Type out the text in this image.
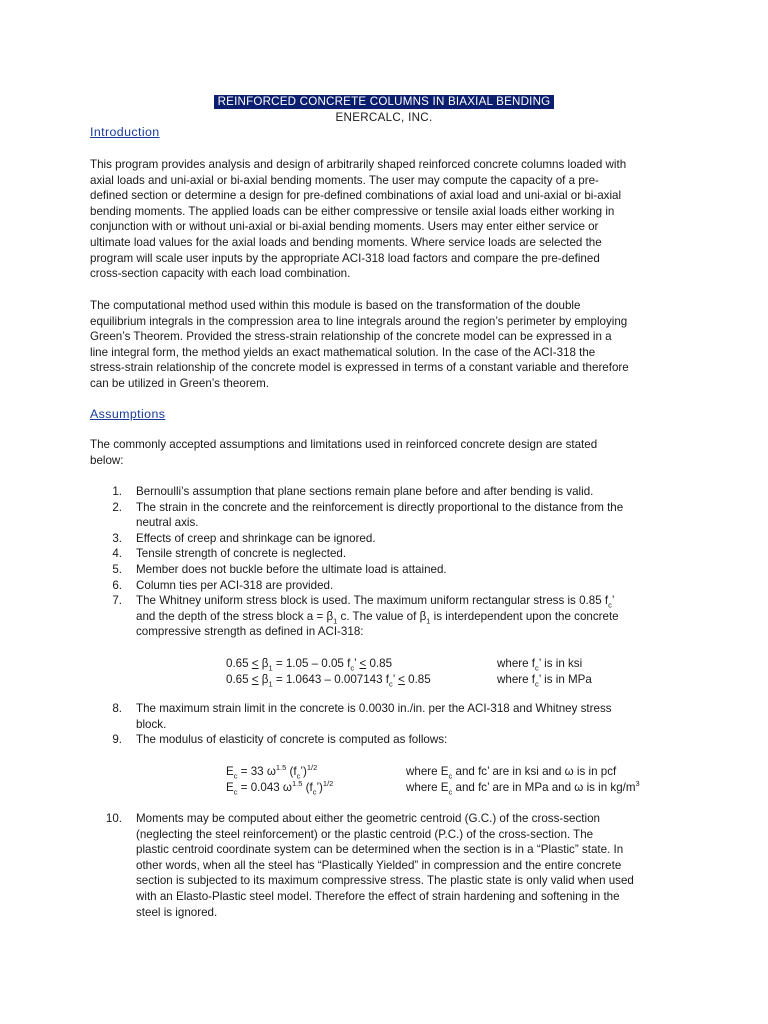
REINFORCED CONCRETE COLUMNS IN BIAXIAL BENDING
ENERCALC, INC.
Introduction

This program provides analysis and design of arbitrarily shaped reinforced concrete columns loaded with
axial loads and uni-axial or bi-axial bending moments. The user may compute the capacity of a pre-
defined section or determine a design for pre-defined combinations of axial load and uni-axial or bi-axial
bending moments. The applied loads can be either compressive or tensile axial loads either working in
conjunction with or without uni-axial or bi-axial bending moments. Users may enter either service or
ultimate load values for the axial loads and bending moments. Where service loads are selected the
program will scale user inputs by the appropriate ACI-318 load factors and compare the pre-defined
cross-section capacity with each load combination.

The computational method used within this module is based on the transformation of the double
equilibrium integrals in the compression area to line integrals around the region’s perimeter by employing
Green’s Theorem. Provided the stress-strain relationship of the concrete model can be expressed in a
line integral form, the method yields an exact mathematical solution. In the case of the ACI-318 the
stress-strain relationship of the concrete model is expressed in terms of a constant variable and therefore
can be utilized in Green’s theorem.

Assumptions

The commonly accepted assumptions and limitations used in reinforced concrete design are stated
below:

1. Bernoulli’s assumption that plane sections remain plane before and after bending is valid.
2. The strain in the concrete and the reinforcement is directly proportional to the distance from the
neutral axis.
3. Effects of creep and shrinkage can be ignored.
4. Tensile strength of concrete is neglected.
5. Member does not buckle before the ultimate load is attained.
6. Column ties per ACI-318 are provided.
7. The Whitney uniform stress block is used. The maximum uniform rectangular stress is 0.85 $f_c$’
and the depth of the stress block $a = \beta_1$ c. The value of $\beta_1$ is interdependent upon the concrete
compressive strength as defined in ACI-318:
$0.65 \le \beta_1 = 1.05 - 0.05$ $f_c$’ ≤ 0.85	where $f_c$’ is in ksi
$0.65 \le \beta_1 = 1.0643 - 0.007143$ $f_c$’ ≤ 0.85	where $f_c$’ is in MPa
8. The maximum strain limit in the concrete is 0.0030 in./in. per the ACI-318 and Whitney stress
block.
9. The modulus of elasticity of concrete is computed as follows:
$E_c = 33$ $\omega^{1.5}$ $(f_c’)^{1/2}$	where $E_c$ and fc’ are in ksi and ω is in pcf
$E_c = 0.043$ $\omega^{1.5}$ $(f_c’)^{1/2}$	where $E_c$ and fc’ are in MPa and ω is in $kg/m^3$
10. Moments may be computed about either the geometric centroid (G.C.) of the cross-section
(neglecting the steel reinforcement) or the plastic centroid (P.C.) of the cross-section. The
plastic centroid coordinate system can be determined when the section is in a “Plastic” state. In
other words, when all the steel has “Plastically Yielded” in compression and the entire concrete
section is subjected to its maximum compressive stress. The plastic state is only valid when used
with an Elasto-Plastic steel model. Therefore the effect of strain hardening and softening in the
steel is ignored.
